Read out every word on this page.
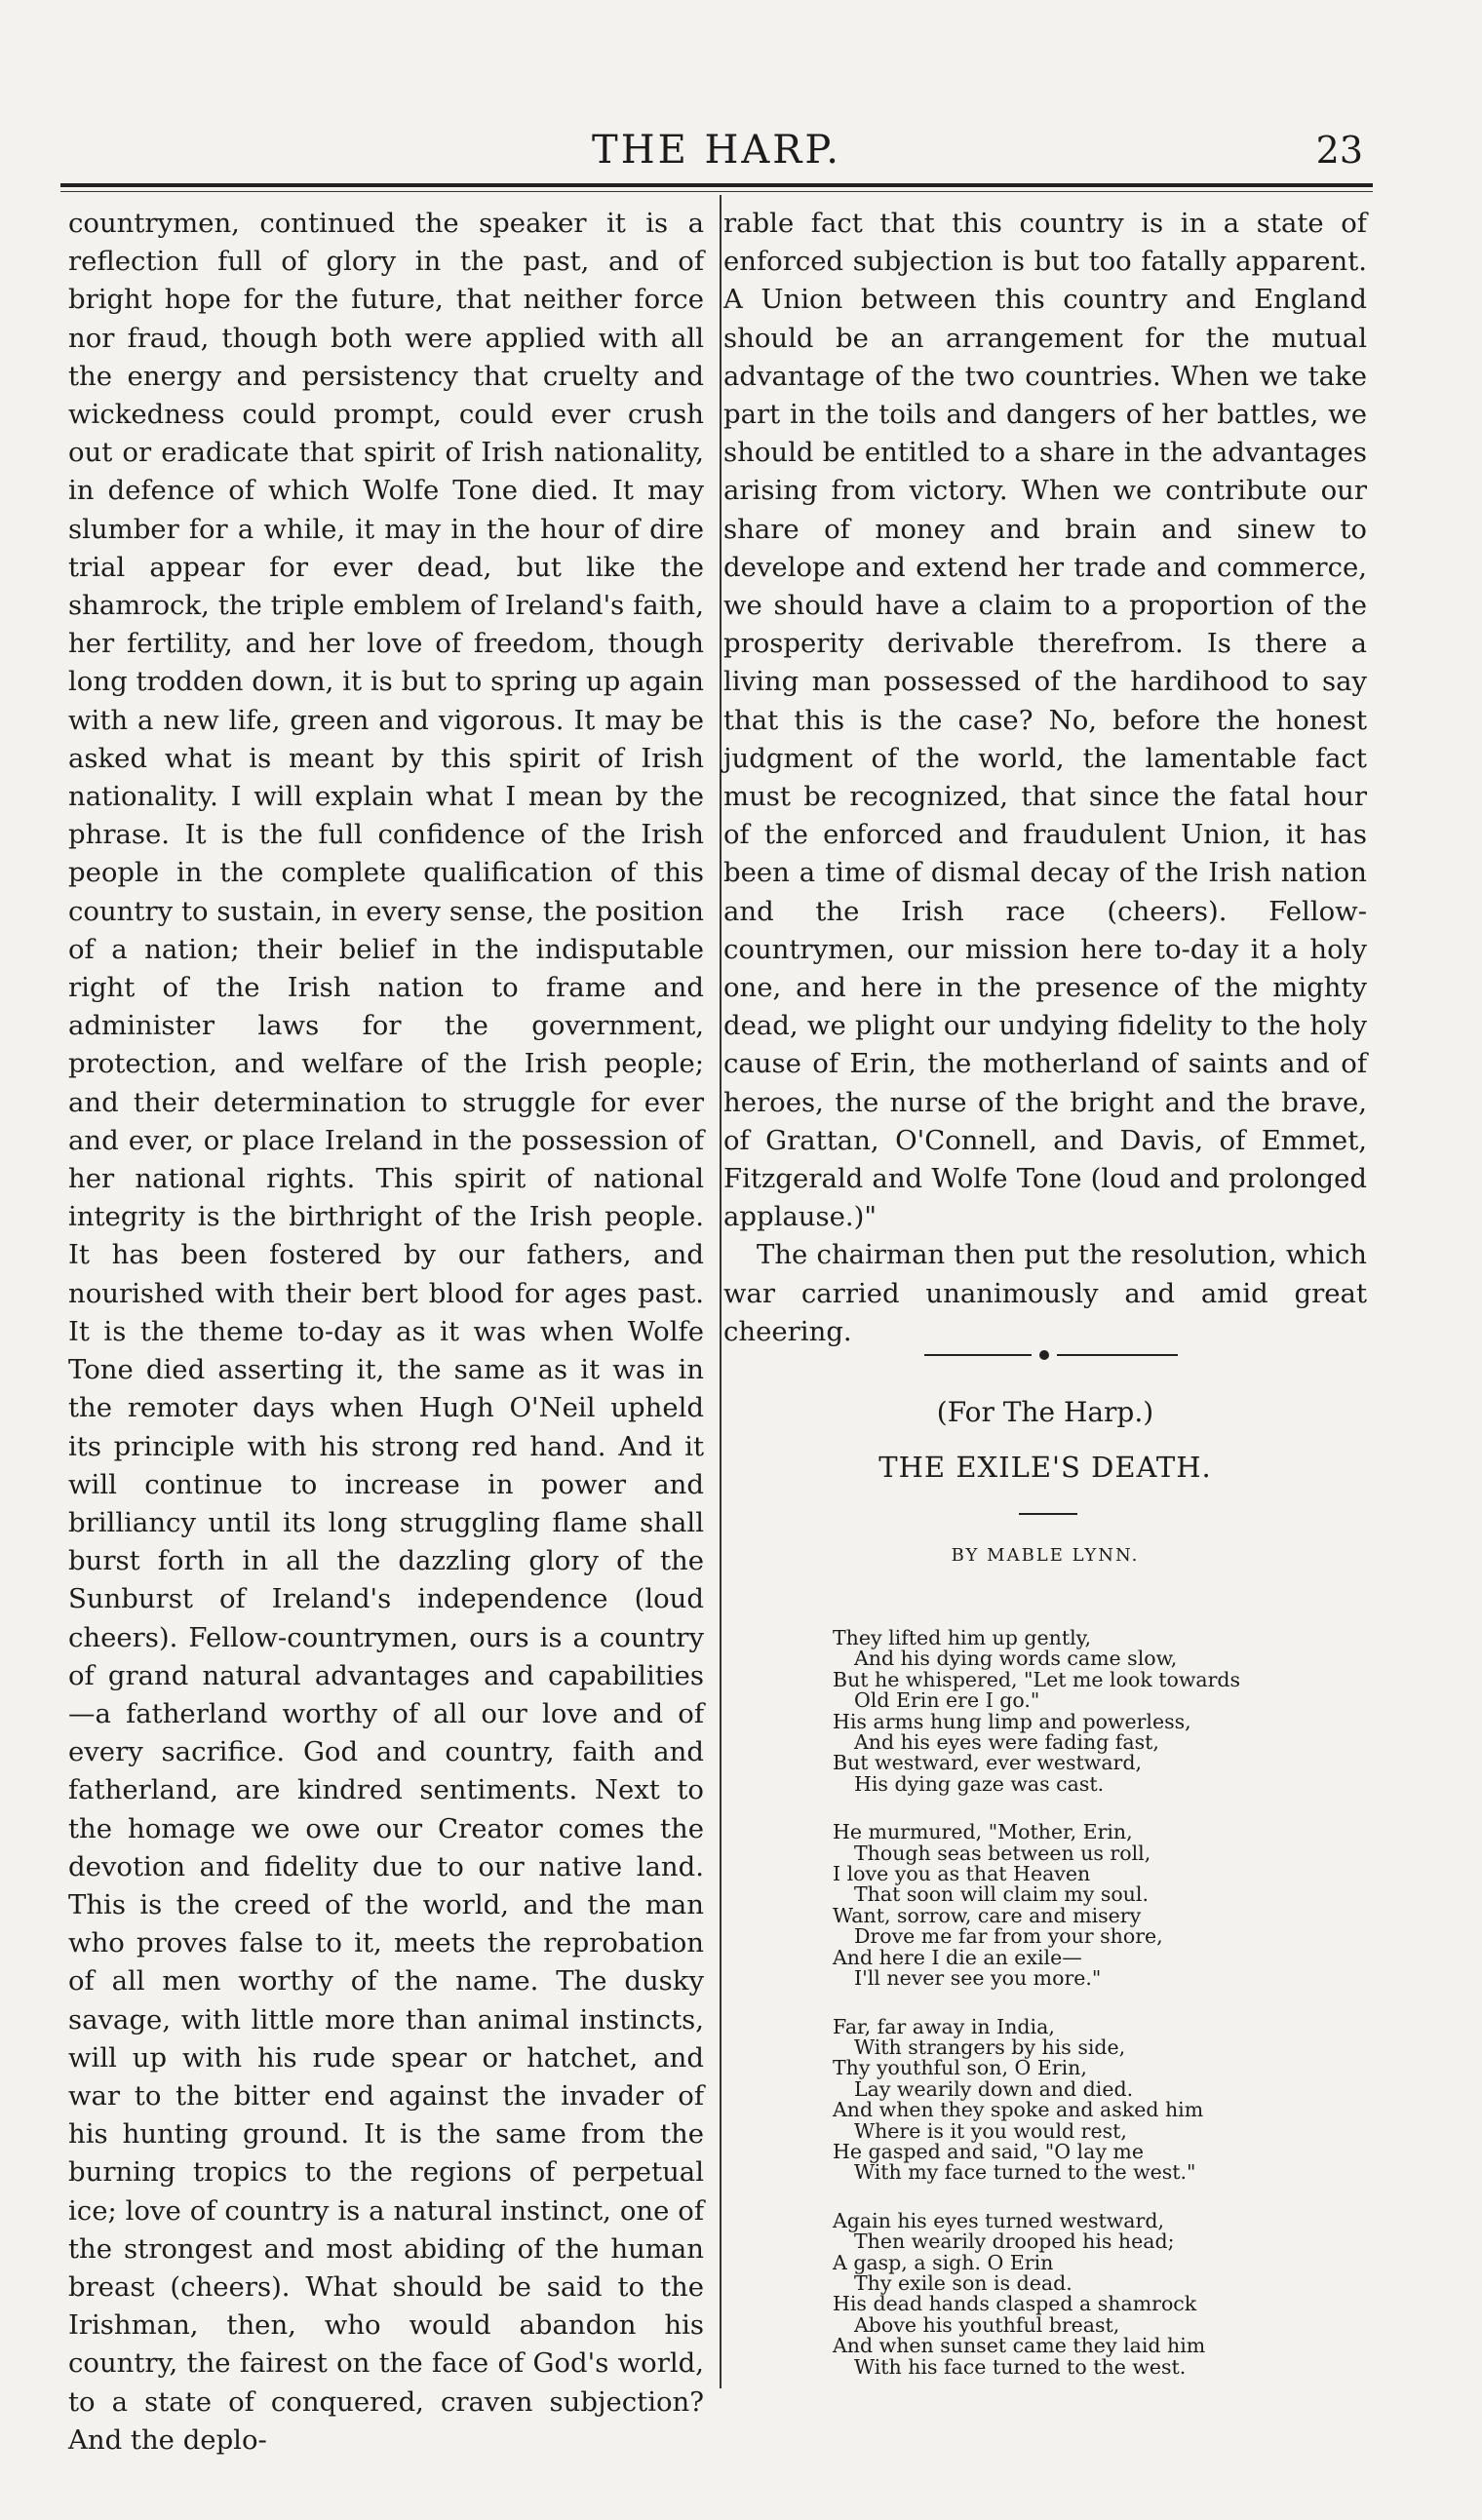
THE HARP.	23

countrymen, continued the speaker it is a reflection full of glory in the past, and of bright hope for the future, that neither force nor fraud, though both were applied with all the energy and persistency that cruelty and wickedness could prompt, could ever crush out or eradicate that spirit of Irish nationality, in defence of which Wolfe Tone died. It may slumber for a while, it may in the hour of dire trial appear for ever dead, but like the shamrock, the triple emblem of Ireland's faith, her fertility, and her love of freedom, though long trodden down, it is but to spring up again with a new life, green and vigorous. It may be asked what is meant by this spirit of Irish nationality. I will explain what I mean by the phrase. It is the full confidence of the Irish people in the complete qualification of this country to sustain, in every sense, the position of a nation; their belief in the indisputable right of the Irish nation to frame and administer laws for the government, protection, and welfare of the Irish people; and their determination to struggle for ever and ever, or place Ireland in the possession of her national rights. This spirit of national integrity is the birthright of the Irish people. It has been fostered by our fathers, and nourished with their bert blood for ages past. It is the theme to-day as it was when Wolfe Tone died asserting it, the same as it was in the remoter days when Hugh O'Neil upheld its principle with his strong red hand. And it will continue to increase in power and brilliancy until its long struggling flame shall burst forth in all the dazzling glory of the Sunburst of Ireland's independence (loud cheers). Fellow-countrymen, ours is a country of grand natural advantages and capabilities—a fatherland worthy of all our love and of every sacrifice. God and country, faith and fatherland, are kindred sentiments. Next to the homage we owe our Creator comes the devotion and fidelity due to our native land. This is the creed of the world, and the man who proves false to it, meets the reprobation of all men worthy of the name. The dusky savage, with little more than animal instincts, will up with his rude spear or hatchet, and war to the bitter end against the invader of his hunting ground. It is the same from the burning tropics to the regions of perpetual ice; love of country is a natural instinct, one of the strongest and most abiding of the human breast (cheers). What should be said to the Irishman, then, who would abandon his country, the fairest on the face of God's world, to a state of conquered, craven subjection? And the deplo-

rable fact that this country is in a state of enforced subjection is but too fatally apparent. A Union between this country and England should be an arrangement for the mutual advantage of the two countries. When we take part in the toils and dangers of her battles, we should be entitled to a share in the advantages arising from victory. When we contribute our share of money and brain and sinew to develope and extend her trade and commerce, we should have a claim to a proportion of the prosperity derivable therefrom. Is there a living man possessed of the hardihood to say that this is the case? No, before the honest judgment of the world, the lamentable fact must be recognized, that since the fatal hour of the enforced and fraudulent Union, it has been a time of dismal decay of the Irish nation and the Irish race (cheers). Fellow-countrymen, our mission here to-day it a holy one, and here in the presence of the mighty dead, we plight our undying fidelity to the holy cause of Erin, the motherland of saints and of heroes, the nurse of the bright and the brave, of Grattan, O'Connell, and Davis, of Emmet, Fitzgerald and Wolfe Tone (loud and prolonged applause.)"

The chairman then put the resolution, which war carried unanimously and amid great cheering.

(For The Harp.)
THE EXILE'S DEATH.
BY MABLE LYNN.
They lifted him up gently,
And his dying words came slow,
But he whispered, "Let me look towards
Old Erin ere I go."
His arms hung limp and powerless,
And his eyes were fading fast,
But westward, ever westward,
His dying gaze was cast.
He murmured, "Mother, Erin,
Though seas between us roll,
I love you as that Heaven
That soon will claim my soul.
Want, sorrow, care and misery
Drove me far from your shore,
And here I die an exile—
I'll never see you more."
Far, far away in India,
With strangers by his side,
Thy youthful son, O Erin,
Lay wearily down and died.
And when they spoke and asked him
Where is it you would rest,
He gasped and said, "O lay me
With my face turned to the west."
Again his eyes turned westward,
Then wearily drooped his head;
A gasp, a sigh. O Erin
Thy exile son is dead.
His dead hands clasped a shamrock
Above his youthful breast,
And when sunset came they laid him
With his face turned to the west.
